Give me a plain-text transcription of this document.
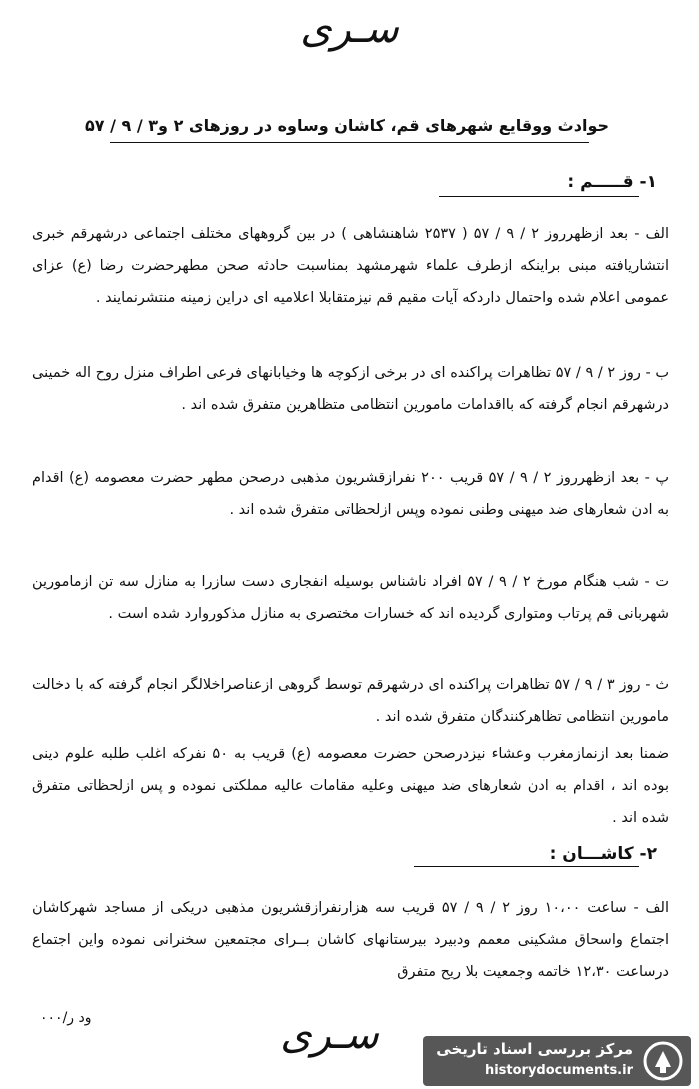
سـری
حوادث ووقایع شهرهای قم، کاشان وساوه در روزهای ۲ و۳ / ۹ / ۵۷
۱- قـــــم :
الف - بعد ازظهرروز ۲ / ۹ / ۵۷ ( ۲۵۳۷ شاهنشاهی ) در بین گروههای مختلف اجتماعی درشهرقم خبری انتشاریافته مبنی براینکه ازطرف علماء شهرمشهد بمناسبت حادثه صحن مطهرحضرت رضا (ع) عزای عمومی اعلام شده واحتمال داردکه آیات مقیم قم نیزمتقابلا اعلامیه ای دراین زمینه منتشرنمایند .
ب - روز ۲ / ۹ / ۵۷ تظاهرات پراکنده ای در برخی ازکوچه ها وخیابانهای فرعی اطراف منزل روح اله خمینی درشهرقم انجام گرفته که بااقدامات مامورین انتظامی متظاهرین متفرق شده اند .
پ - بعد ازظهرروز ۲ / ۹ / ۵۷ قریب ۲۰۰ نفرازقشریون مذهبی درصحن مطهر حضرت معصومه (ع) اقدام به ادن شعارهای ضد میهنی وطنی نموده وپس ازلحظاتی متفرق شده اند .
ت - شب هنگام مورخ ۲ / ۹ / ۵۷ افراد ناشناس بوسیله انفجاری دست سازرا به منازل سه تن ازمامورین شهربانی قم پرتاب ومتواری گردیده اند که خسارات مختصری به منازل مذکوروارد شده است .
ث - روز ۳ / ۹ / ۵۷ تظاهرات پراکنده ای درشهرقم توسط گروهی ازعناصراخلالگر انجام گرفته که با دخالت مامورین انتظامی تظاهرکنندگان متفرق شده اند .
ضمنا بعد ازنمازمغرب وعشاء نیزدرصحن حضرت معصومه (ع) قریب به ۵۰ نفرکه اغلب طلبه علوم دینی بوده اند ، اقدام به ادن شعارهای ضد میهنی وعلیه مقامات عالیه مملکتی نموده و پس ازلحظاتی متفرق شده اند .
۲- کاشـــان :
الف - ساعت ۱۰،۰۰ روز ۲ / ۹ / ۵۷ قریب سه هزارنفرازقشریون مذهبی دریکی از مساجد شهرکاشان اجتماع واسحاق مشکینی معمم ودبیرد بیرستانهای کاشان بــرای مجتمعین سخنرانی نموده واین اجتماع درساعت ۱۲،۳۰ خاتمه وجمعیت بلا ریح متفرق
ود ر/۰۰۰	سـری	مرکز بررسی اسناد تاریخی
historydocuments.ir
